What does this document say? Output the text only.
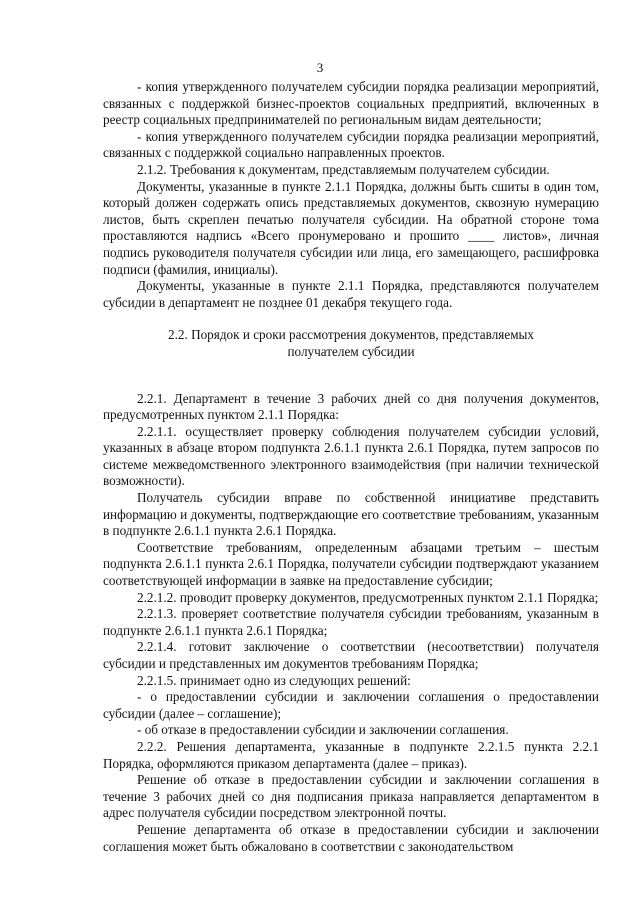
3

- копия утвержденного получателем субсидии порядка реализации мероприятий, связанных с поддержкой бизнес-проектов социальных предприятий, включенных в реестр социальных предпринимателей по региональным видам деятельности;

- копия утвержденного получателем субсидии порядка реализации мероприятий, связанных с поддержкой социально направленных проектов.

2.1.2. Требования к документам, представляемым получателем субсидии.

Документы, указанные в пункте 2.1.1 Порядка, должны быть сшиты в один том, который должен содержать опись представляемых документов, сквозную нумерацию листов, быть скреплен печатью получателя субсидии. На обратной стороне тома проставляются надпись «Всего пронумеровано и прошито ____ листов», личная подпись руководителя получателя субсидии или лица, его замещающего, расшифровка подписи (фамилия, инициалы).

Документы, указанные в пункте 2.1.1 Порядка, представляются получателем субсидии в департамент не позднее 01 декабря текущего года.

2.2. Порядок и сроки рассмотрения документов, представляемых

получателем субсидии

2.2.1. Департамент в течение 3 рабочих дней со дня получения документов, предусмотренных пунктом 2.1.1 Порядка:

2.2.1.1. осуществляет проверку соблюдения получателем субсидии условий, указанных в абзаце втором подпункта 2.6.1.1 пункта 2.6.1 Порядка, путем запросов по системе межведомственного электронного взаимодействия (при наличии технической возможности).

Получатель субсидии вправе по собственной инициативе представить информацию и документы, подтверждающие его соответствие требованиям, указанным в подпункте 2.6.1.1 пункта 2.6.1 Порядка.

Соответствие требованиям, определенным абзацами третьим – шестым подпункта 2.6.1.1 пункта 2.6.1 Порядка, получатели субсидии подтверждают указанием соответствующей информации в заявке на предоставление субсидии;

2.2.1.2. проводит проверку документов, предусмотренных пунктом 2.1.1 Порядка;

2.2.1.3. проверяет соответствие получателя субсидии требованиям, указанным в подпункте 2.6.1.1 пункта 2.6.1 Порядка;

2.2.1.4. готовит заключение о соответствии (несоответствии) получателя субсидии и представленных им документов требованиям Порядка;

2.2.1.5. принимает одно из следующих решений:

- о предоставлении субсидии и заключении соглашения о предоставлении субсидии (далее – соглашение);

- об отказе в предоставлении субсидии и заключении соглашения.

2.2.2. Решения департамента, указанные в подпункте 2.2.1.5 пункта 2.2.1 Порядка, оформляются приказом департамента (далее – приказ).

Решение об отказе в предоставлении субсидии и заключении соглашения в течение 3 рабочих дней со дня подписания приказа направляется департаментом в адрес получателя субсидии посредством электронной почты.

Решение департамента об отказе в предоставлении субсидии и заключении соглашения может быть обжаловано в соответствии с законодательством
